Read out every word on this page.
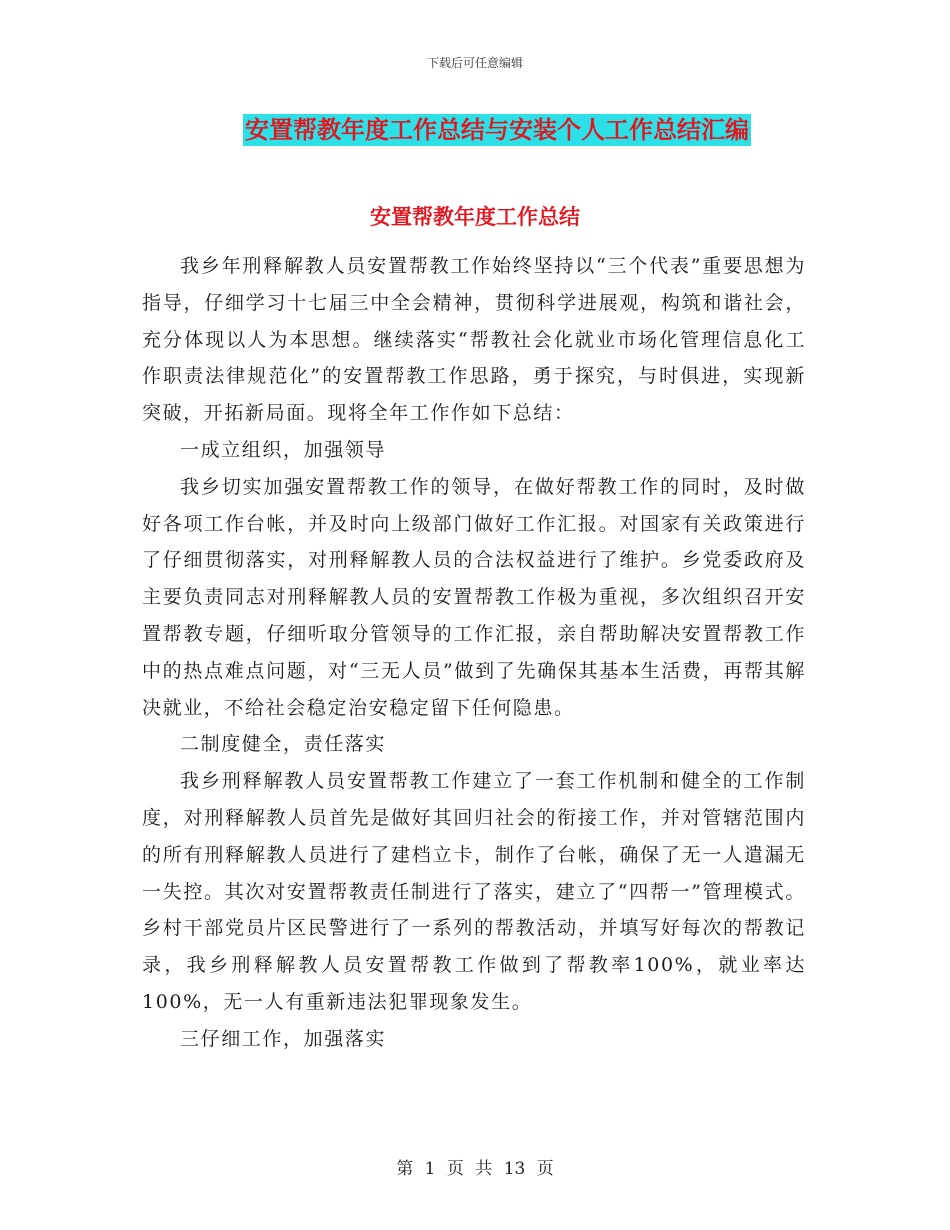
下载后可任意编辑
安置帮教年度工作总结与安装个人工作总结汇编
安置帮教年度工作总结

我乡年刑释解教人员安置帮教工作始终坚持以“三个代表”重要思想为指导，仔细学习十七届三中全会精神，贯彻科学进展观，构筑和谐社会，充分体现以人为本思想。继续落实“帮教社会化就业市场化管理信息化工作职责法律规范化”的安置帮教工作思路，勇于探究，与时俱进，实现新突破，开拓新局面。现将全年工作作如下总结：

一成立组织，加强领导

我乡切实加强安置帮教工作的领导，在做好帮教工作的同时，及时做好各项工作台帐，并及时向上级部门做好工作汇报。对国家有关政策进行了仔细贯彻落实，对刑释解教人员的合法权益进行了维护。乡党委政府及主要负责同志对刑释解教人员的安置帮教工作极为重视，多次组织召开安置帮教专题，仔细听取分管领导的工作汇报，亲自帮助解决安置帮教工作中的热点难点问题，对“三无人员”做到了先确保其基本生活费，再帮其解决就业，不给社会稳定治安稳定留下任何隐患。

二制度健全，责任落实

我乡刑释解教人员安置帮教工作建立了一套工作机制和健全的工作制度，对刑释解教人员首先是做好其回归社会的衔接工作，并对管辖范围内的所有刑释解教人员进行了建档立卡，制作了台帐，确保了无一人遣漏无一失控。其次对安置帮教责任制进行了落实，建立了“四帮一”管理模式。乡村干部党员片区民警进行了一系列的帮教活动，并填写好每次的帮教记录，我乡刑释解教人员安置帮教工作做到了帮教率100%，就业率达100%，无一人有重新违法犯罪现象发生。

三仔细工作，加强落实

第 1 页 共 13 页
